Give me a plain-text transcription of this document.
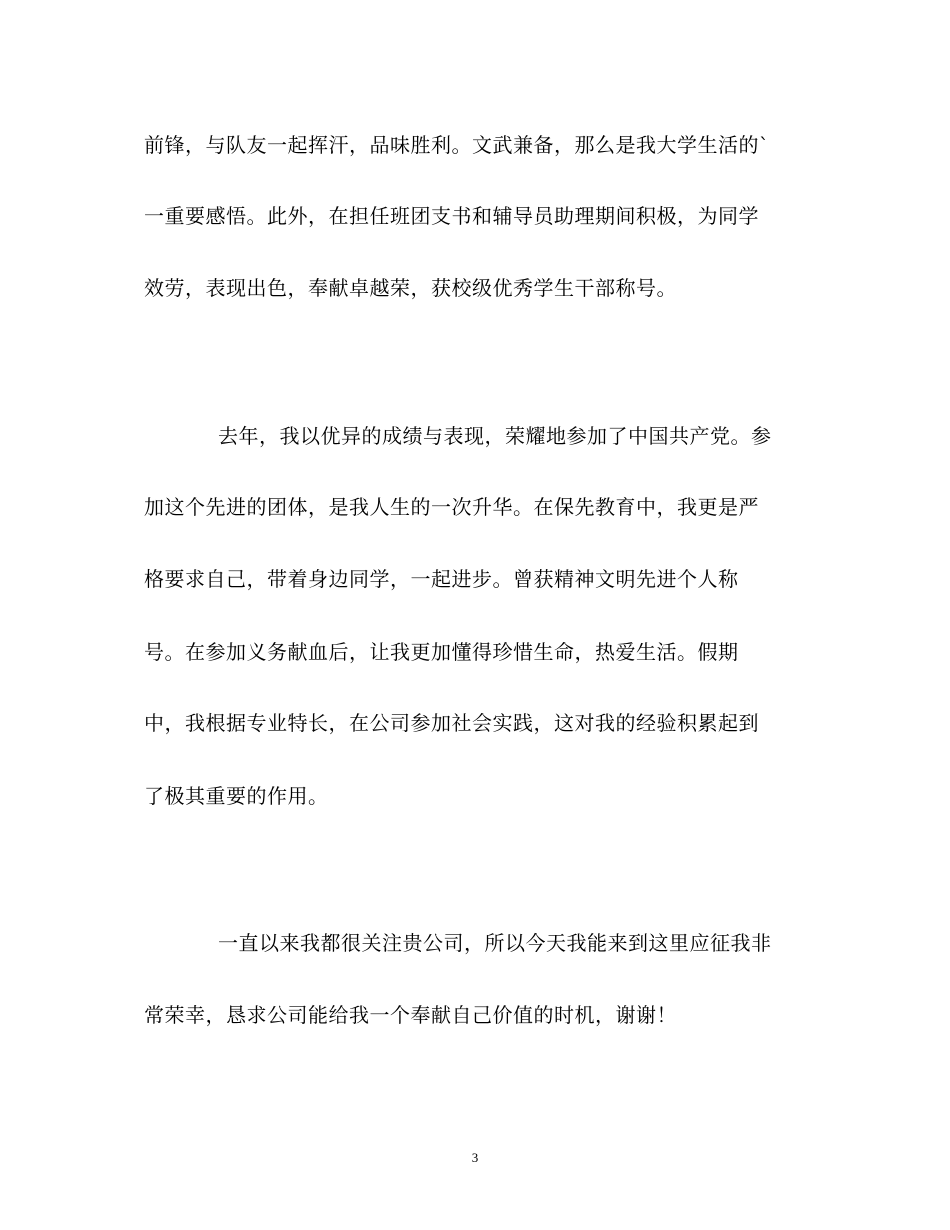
前锋，与队友一起挥汗，品味胜利。文武兼备，那么是我大学生活的`
一重要感悟。此外，在担任班团支书和辅导员助理期间积极，为同学
效劳，表现出色，奉献卓越荣，获校级优秀学生干部称号。
去年，我以优异的成绩与表现，荣耀地参加了中国共产党。参
加这个先进的团体，是我人生的一次升华。在保先教育中，我更是严
格要求自己，带着身边同学，一起进步。曾获精神文明先进个人称
号。在参加义务献血后，让我更加懂得珍惜生命，热爱生活。假期
中，我根据专业特长，在公司参加社会实践，这对我的经验积累起到
了极其重要的作用。
一直以来我都很关注贵公司，所以今天我能来到这里应征我非
常荣幸，恳求公司能给我一个奉献自己价值的时机，谢谢！
3
